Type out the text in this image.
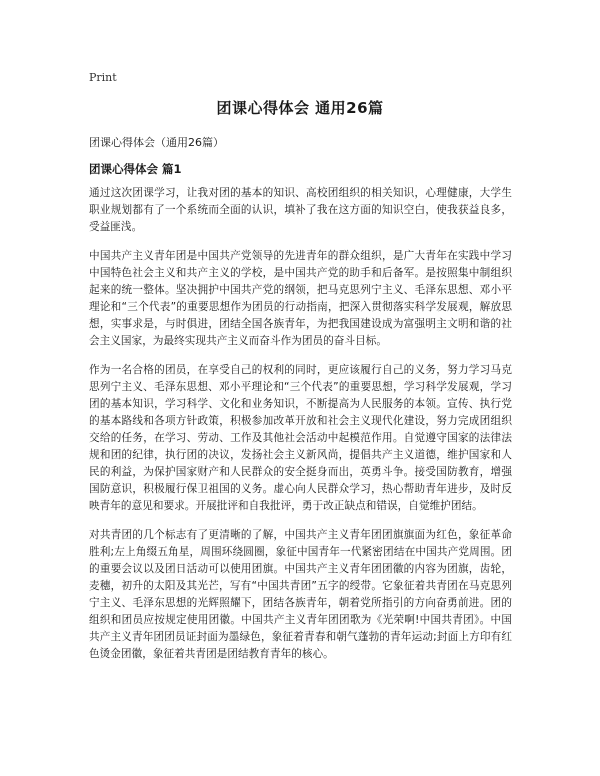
Print
团课心得体会 通用26篇

团课心得体会（通用26篇）

团课心得体会 篇1

通过这次团课学习，让我对团的基本的知识、高校团组织的相关知识，心理健康，大学生职业规划都有了一个系统而全面的认识，填补了我在这方面的知识空白，使我获益良多，受益匪浅。

中国共产主义青年团是中国共产党领导的先进青年的群众组织，是广大青年在实践中学习中国特色社会主义和共产主义的学校，是中国共产党的助手和后备军。是按照集中制组织起来的统一整体。坚决拥护中国共产党的纲领，把马克思列宁主义、毛泽东思想、邓小平理论和“三个代表”的重要思想作为团员的行动指南，把深入贯彻落实科学发展观，解放思想，实事求是，与时俱进，团结全国各族青年，为把我国建设成为富强明主文明和谐的社会主义国家，为最终实现共产主义而奋斗作为团员的奋斗目标。

作为一名合格的团员，在享受自己的权利的同时，更应该履行自己的义务，努力学习马克思列宁主义、毛泽东思想、邓小平理论和“三个代表”的重要思想，学习科学发展观，学习团的基本知识，学习科学、文化和业务知识，不断提高为人民服务的本领。宣传、执行党的基本路线和各项方针政策，积极参加改革开放和社会主义现代化建设，努力完成团组织交给的任务，在学习、劳动、工作及其他社会活动中起模范作用。自觉遵守国家的法律法规和团的纪律，执行团的决议，发扬社会主义新风尚，提倡共产主义道德，维护国家和人民的利益，为保护国家财产和人民群众的安全挺身而出，英勇斗争。接受国防教育，增强国防意识，积极履行保卫祖国的义务。虚心向人民群众学习，热心帮助青年进步，及时反映青年的意见和要求。开展批评和自我批评，勇于改正缺点和错误，自觉维护团结。

对共青团的几个标志有了更清晰的了解，中国共产主义青年团团旗旗面为红色，象征革命胜利;左上角缀五角星，周围环绕圆圈，象征中国青年一代紧密团结在中国共产党周围。团的重要会议以及团日活动可以使用团旗。中国共产主义青年团团徽的内容为团旗，齿轮，麦穗，初升的太阳及其光芒，写有“中国共青团”五字的绶带。它象征着共青团在马克思列宁主义、毛泽东思想的光辉照耀下，团结各族青年，朝着党所指引的方向奋勇前进。团的组织和团员应按规定使用团徽。中国共产主义青年团团歌为《光荣啊!中国共青团》。中国共产主义青年团团员证封面为墨绿色，象征着青春和朝气蓬勃的青年运动;封面上方印有红色烫金团徽，象征着共青团是团结教育青年的核心。
